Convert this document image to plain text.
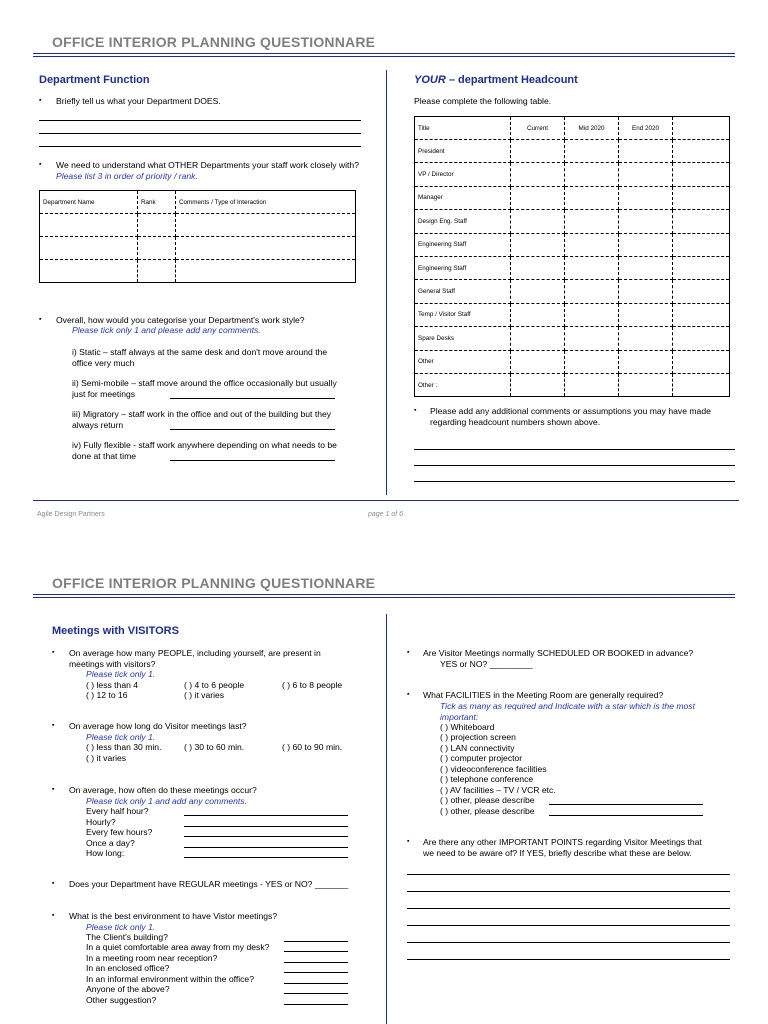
OFFICE INTERIOR PLANNING QUESTIONNARE
Department Function
▪ Briefly tell us what your Department DOES.
▪ We need to understand what OTHER Departments your staff work closely with? Please list 3 in order of priority / rank.
Department Name	Rank	Comments / Type of Interaction

▪ Overall, how would you categorise your Department's work style?
Please tick only 1 and please add any comments.
i) Static – staff always at the same desk and don't move around the
office very much
ii) Semi-mobile – staff move around the office occasionally but usually
just for meetings
iii) Migratory – staff work in the office and out of the building but they
always return
iv) Fully flexible - staff work anywhere depending on what needs to be
done at that time
YOUR – department Headcount
Please complete the following table.
Title	Current	Mid 2020	End 2020	
President				
VP / Director				
Manager				
Design Eng. Staff				
Engineering Staff				
Engineering Staff				
General Staff				
Temp / Visitor Staff				
Spare Desks				
Other				
Other :				
▪ Please add any additional comments or assumptions you may have made
regarding headcount numbers shown above.
Agile Design Partners	page 1 of 6
OFFICE INTERIOR PLANNING QUESTIONNARE
Meetings with VISITORS
▪ On average how many PEOPLE, including yourself, are present in
meetings with visitors?
Please tick only 1.
( ) less than 4	( ) 4 to 6 people	( ) 6 to 8 people
( ) 12 to 16	( ) it varies
▪ On average how long do Visitor meetings last?
Please tick only 1.
( ) less than 30 min.	( ) 30 to 60 min.	( ) 60 to 90 min.
( ) it varies
▪ On average, how often do these meetings occur?
Please tick only 1 and add any comments.
Every half hour?
Hourly?
Every few hours?
Once a day?
How long:
▪ Does your Department have REGULAR meetings - YES or NO? _______
▪ What is the best environment to have Vistor meetings?
Please tick only 1.
The Client's building?
In a quiet comfortable area away from my desk?
In a meeting room near reception?
In an enclosed office?
In an informal environment within the office?
Anyone of the above?
Other suggestion?
▪ Are Visitor Meetings normally SCHEDULED OR BOOKED in advance?
YES or NO? _________
▪ What FACILITIES in the Meeting Room are generally required?
Tick as many as required and Indicate with a star which is the most
important:
( ) Whiteboard
( ) projection screen
( ) LAN connectivity
( ) computer projector
( ) videoconference facilities
( ) telephone conference
( ) AV facilities – TV / VCR etc.
( ) other, please describe
( ) other, please describe
▪ Are there any other IMPORTANT POINTS regarding Visitor Meetings that
we need to be aware of? If YES, briefly describe what these are below.
